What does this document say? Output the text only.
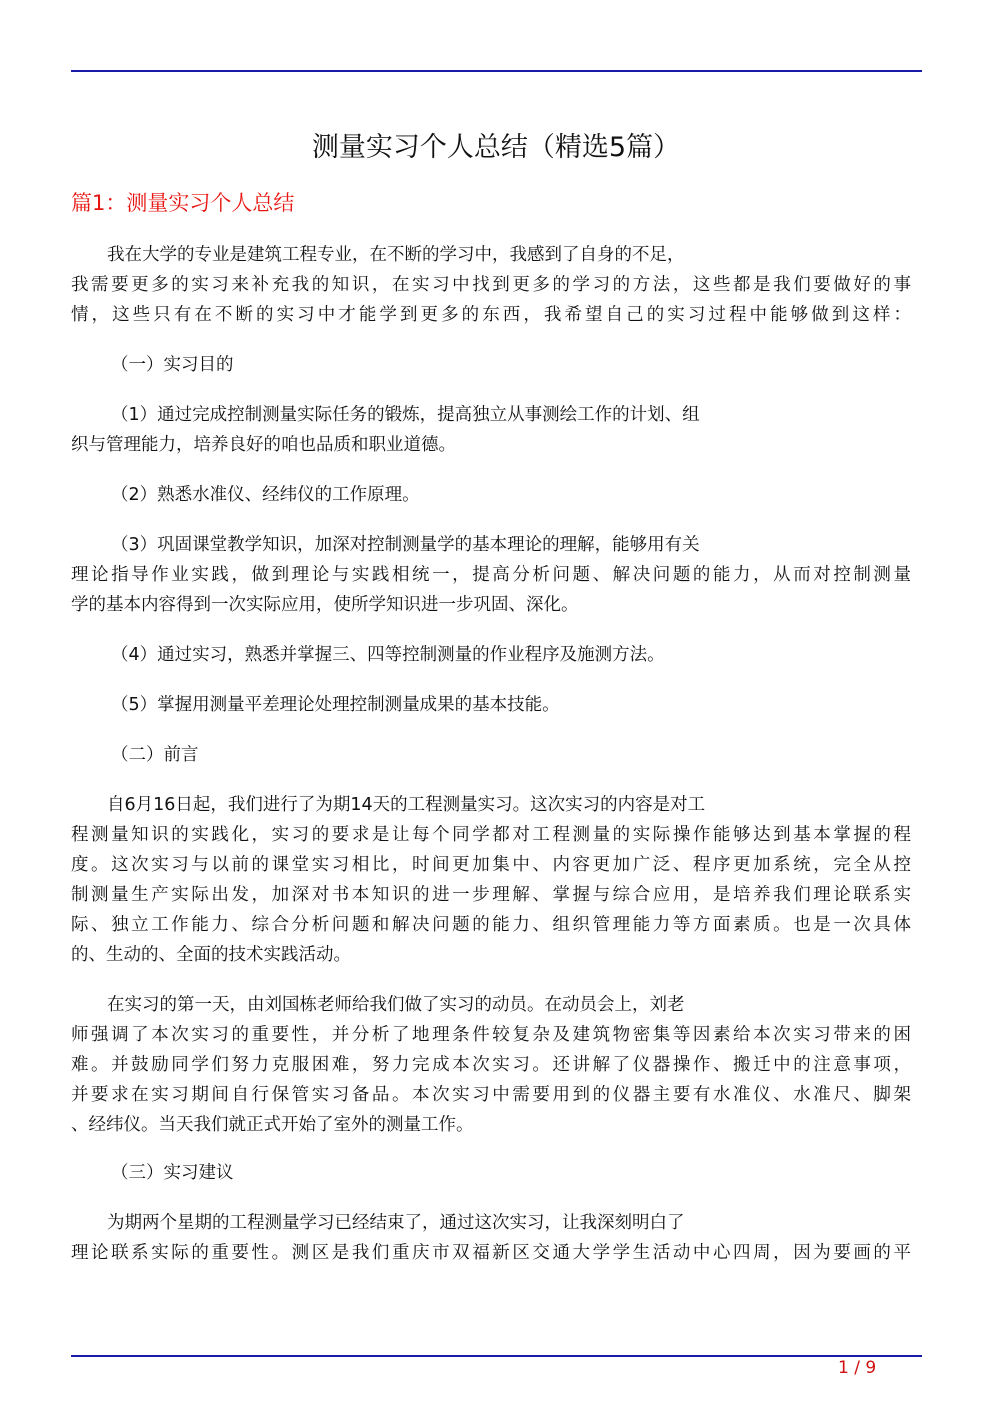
测量实习个人总结（精选5篇）
篇1：测量实习个人总结
我在大学的专业是建筑工程专业，在不断的学习中，我感到了自身的不足，
我需要更多的实习来补充我的知识，在实习中找到更多的学习的方法，这些都是我们要做好的事
情，这些只有在不断的实习中才能学到更多的东西，我希望自己的实习过程中能够做到这样：
（一）实习目的
（1）通过完成控制测量实际任务的锻炼，提高独立从事测绘工作的计划、组
织与管理能力，培养良好的咱也品质和职业道德。
（2）熟悉水准仪、经纬仪的工作原理。
（3）巩固课堂教学知识，加深对控制测量学的基本理论的理解，能够用有关
理论指导作业实践，做到理论与实践相统一，提高分析问题、解决问题的能力，从而对控制测量
学的基本内容得到一次实际应用，使所学知识进一步巩固、深化。
（4）通过实习，熟悉并掌握三、四等控制测量的作业程序及施测方法。
（5）掌握用测量平差理论处理控制测量成果的基本技能。
（二）前言
自6月16日起，我们进行了为期14天的工程测量实习。这次实习的内容是对工
程测量知识的实践化，实习的要求是让每个同学都对工程测量的实际操作能够达到基本掌握的程
度。这次实习与以前的课堂实习相比，时间更加集中、内容更加广泛、程序更加系统，完全从控
制测量生产实际出发，加深对书本知识的进一步理解、掌握与综合应用，是培养我们理论联系实
际、独立工作能力、综合分析问题和解决问题的能力、组织管理能力等方面素质。也是一次具体
的、生动的、全面的技术实践活动。
在实习的第一天，由刘国栋老师给我们做了实习的动员。在动员会上，刘老
师强调了本次实习的重要性，并分析了地理条件较复杂及建筑物密集等因素给本次实习带来的困
难。并鼓励同学们努力克服困难，努力完成本次实习。还讲解了仪器操作、搬迁中的注意事项，
并要求在实习期间自行保管实习备品。本次实习中需要用到的仪器主要有水准仪、水准尺、脚架
、经纬仪。当天我们就正式开始了室外的测量工作。
（三）实习建议
为期两个星期的工程测量学习已经结束了，通过这次实习，让我深刻明白了
理论联系实际的重要性。测区是我们重庆市双福新区交通大学学生活动中心四周，因为要画的平
1 / 9
